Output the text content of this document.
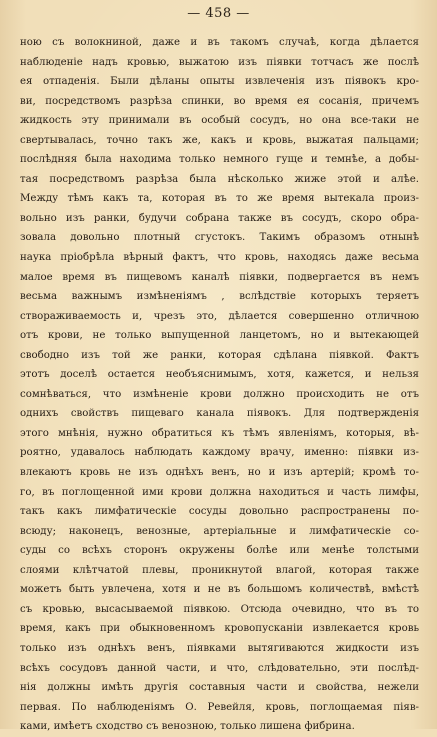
— 458 —
ною съ волокниной, даже и въ такомъ случаѣ, когда дѣлается
наблюденіе надъ кровью, выжатою изъ піявки тотчасъ же послѣ
ея отпаденія. Были дѣланы опыты извлеченія изъ піявокъ кро-
ви, посредствомъ разрѣза спинки, во время ея сосанія, причемъ
жидкость эту принимали въ особый сосудъ, но она все-таки не
свертывалась, точно такъ же, какъ и кровь, выжатая пальцами;
послѣдняя была находима только немного гуще и темнѣе, а добы-
тая посредствомъ разрѣза была нѣсколько жиже этой и алѣе.
Между тѣмъ какъ та, которая въ то же время вытекала произ-
вольно изъ ранки, будучи собрана также въ сосудъ, скоро обра-
зовала довольно плотный сгустокъ. Такимъ образомъ отнынѣ
наука пріобрѣла вѣрный фактъ, что кровь, находясь даже весьма
малое время въ пищевомъ каналѣ піявки, подвергается въ немъ
весьма важнымъ измѣненіямъ , вслѣдствіе которыхъ теряетъ
створаживаемость и, чрезъ это, дѣлается совершенно отличною
отъ крови, не только выпущенной ланцетомъ, но и вытекающей
свободно изъ той же ранки, которая сдѣлана піявкой. Фактъ
этотъ доселѣ остается необъяснимымъ, хотя, кажется, и нельзя
сомнѣваться, что измѣненіе крови должно происходить не отъ
однихъ свойствъ пищеваго канала піявокъ. Для подтвержденія
этого мнѣнія, нужно обратиться къ тѣмъ явленіямъ, которыя, вѣ-
роятно, удавалось наблюдать каждому врачу, именно: піявки из-
влекаютъ кровь не изъ однѣхъ венъ, но и изъ артерій; кромѣ то-
го, въ поглощенной ими крови должна находиться и часть лимфы,
такъ какъ лимфатическіе сосуды довольно распространены по-
всюду; наконецъ, венозные, артеріальные и лимфатическіе со-
суды со всѣхъ сторонъ окружены болѣе или менѣе толстыми
слоями клѣтчатой плевы, проникнутой влагой, которая также
можетъ быть увлечена, хотя и не въ большомъ количествѣ, вмѣстѣ
съ кровью, высасываемой піявкою. Отсюда очевидно, что въ то
время, какъ при обыкновенномъ кровопусканіи извлекается кровь
только изъ однѣхъ венъ, піявками вытягиваются жидкости изъ
всѣхъ сосудовъ данной части, и что, слѣдовательно, эти послѣд-
нія должны имѣть другія составныя части и свойства, нежели
первая. По наблюденіямъ О. Ревейля, кровь, поглощаемая піяв-
ками, имѣетъ сходство съ венозною, только лишена фибрина.
